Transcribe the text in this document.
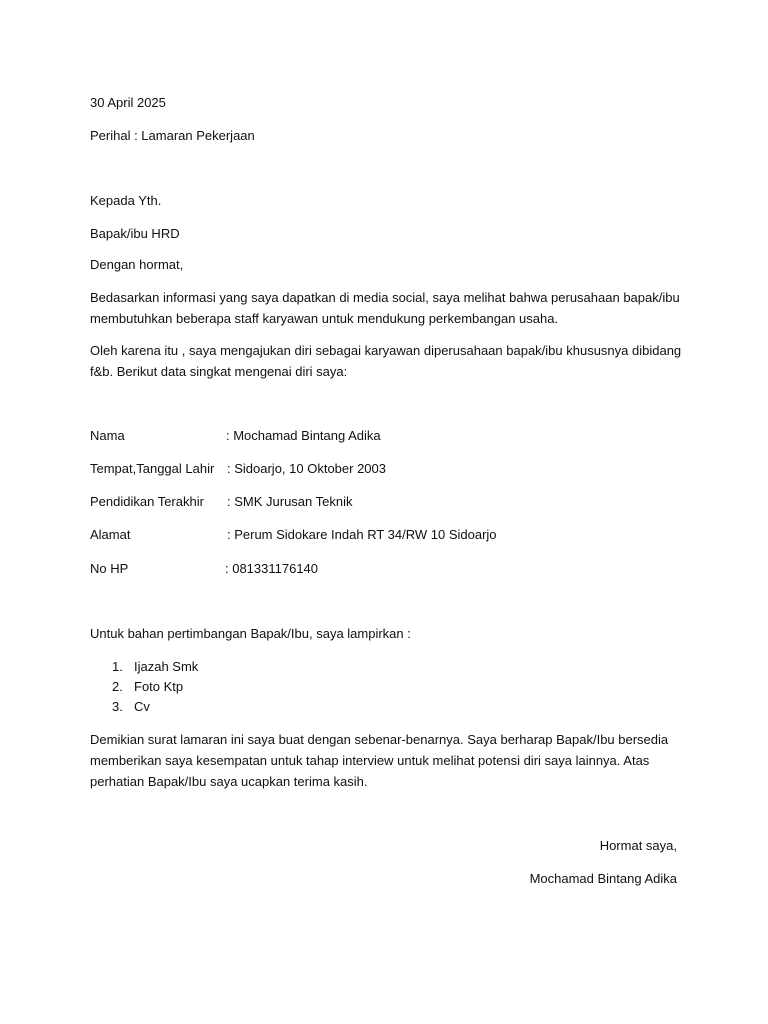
30 April 2025
Perihal : Lamaran Pekerjaan
Kepada Yth.
Bapak/ibu HRD
Dengan hormat,
Bedasarkan informasi yang saya dapatkan di media social, saya melihat bahwa perusahaan bapak/ibu
membutuhkan beberapa staff karyawan untuk mendukung perkembangan usaha.
Oleh karena itu , saya mengajukan diri sebagai karyawan diperusahaan bapak/ibu khususnya dibidang
f&b. Berikut data singkat mengenai diri saya:
Nama	: Mochamad Bintang Adika
Tempat,Tanggal Lahir : Sidoarjo, 10 Oktober 2003
Pendidikan Terakhir : SMK Jurusan Teknik
Alamat	: Perum Sidokare Indah RT 34/RW 10 Sidoarjo
No HP	: 081331176140
Untuk bahan pertimbangan Bapak/Ibu, saya lampirkan :
1. Ijazah Smk
2. Foto Ktp
3. Cv
Demikian surat lamaran ini saya buat dengan sebenar-benarnya. Saya berharap Bapak/Ibu bersedia
memberikan saya kesempatan untuk tahap interview untuk melihat potensi diri saya lainnya. Atas
perhatian Bapak/Ibu saya ucapkan terima kasih.
Hormat saya,
Mochamad Bintang Adika
